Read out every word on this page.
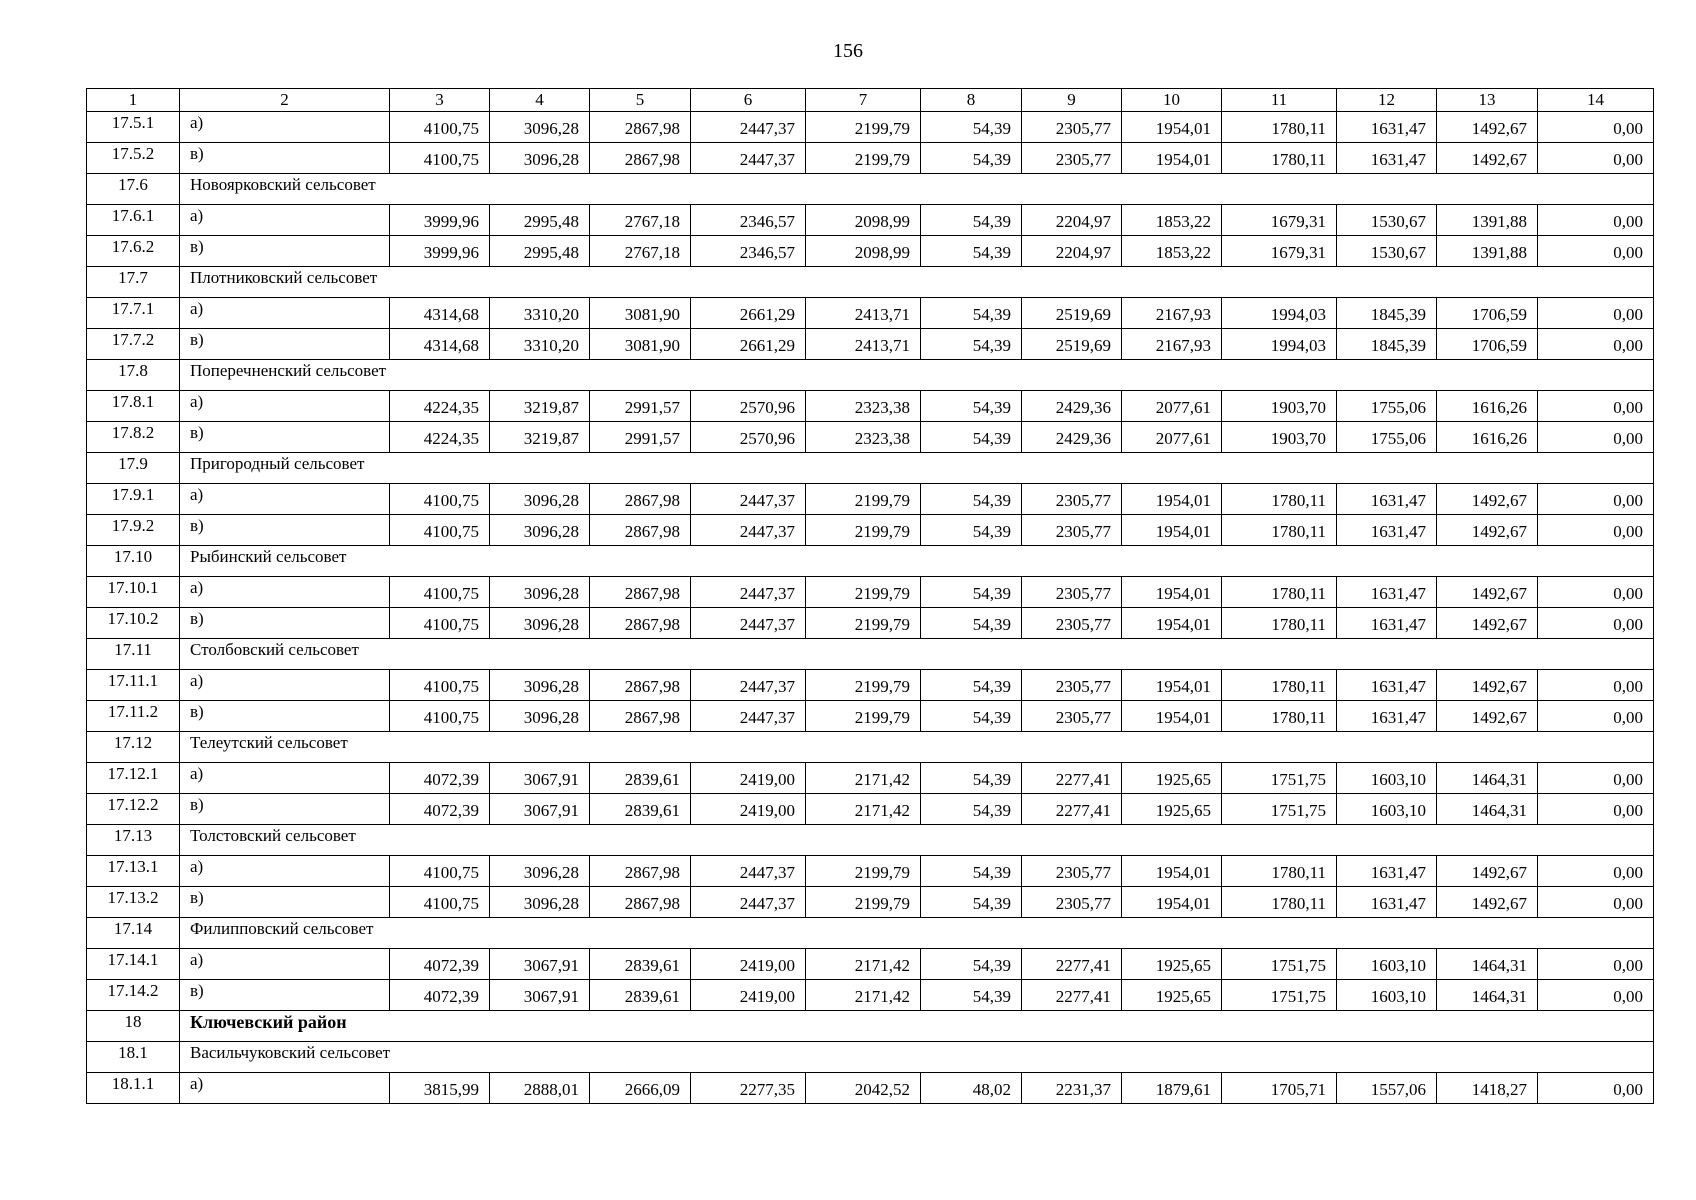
156
1	2	3	4	5	6	7	8	9	10	11	12	13	14
17.5.1	а)	4100,75	3096,28	2867,98	2447,37	2199,79	54,39	2305,77	1954,01	1780,11	1631,47	1492,67	0,00
17.5.2	в)	4100,75	3096,28	2867,98	2447,37	2199,79	54,39	2305,77	1954,01	1780,11	1631,47	1492,67	0,00
17.6	Новоярковский сельсовет												
17.6.1	а)	3999,96	2995,48	2767,18	2346,57	2098,99	54,39	2204,97	1853,22	1679,31	1530,67	1391,88	0,00
17.6.2	в)	3999,96	2995,48	2767,18	2346,57	2098,99	54,39	2204,97	1853,22	1679,31	1530,67	1391,88	0,00
17.7	Плотниковский сельсовет												
17.7.1	а)	4314,68	3310,20	3081,90	2661,29	2413,71	54,39	2519,69	2167,93	1994,03	1845,39	1706,59	0,00
17.7.2	в)	4314,68	3310,20	3081,90	2661,29	2413,71	54,39	2519,69	2167,93	1994,03	1845,39	1706,59	0,00
17.8	Поперечненский сельсовет												
17.8.1	а)	4224,35	3219,87	2991,57	2570,96	2323,38	54,39	2429,36	2077,61	1903,70	1755,06	1616,26	0,00
17.8.2	в)	4224,35	3219,87	2991,57	2570,96	2323,38	54,39	2429,36	2077,61	1903,70	1755,06	1616,26	0,00
17.9	Пригородный сельсовет												
17.9.1	а)	4100,75	3096,28	2867,98	2447,37	2199,79	54,39	2305,77	1954,01	1780,11	1631,47	1492,67	0,00
17.9.2	в)	4100,75	3096,28	2867,98	2447,37	2199,79	54,39	2305,77	1954,01	1780,11	1631,47	1492,67	0,00
17.10	Рыбинский сельсовет												
17.10.1	а)	4100,75	3096,28	2867,98	2447,37	2199,79	54,39	2305,77	1954,01	1780,11	1631,47	1492,67	0,00
17.10.2	в)	4100,75	3096,28	2867,98	2447,37	2199,79	54,39	2305,77	1954,01	1780,11	1631,47	1492,67	0,00
17.11	Столбовский сельсовет												
17.11.1	а)	4100,75	3096,28	2867,98	2447,37	2199,79	54,39	2305,77	1954,01	1780,11	1631,47	1492,67	0,00
17.11.2	в)	4100,75	3096,28	2867,98	2447,37	2199,79	54,39	2305,77	1954,01	1780,11	1631,47	1492,67	0,00
17.12	Телеутский сельсовет												
17.12.1	а)	4072,39	3067,91	2839,61	2419,00	2171,42	54,39	2277,41	1925,65	1751,75	1603,10	1464,31	0,00
17.12.2	в)	4072,39	3067,91	2839,61	2419,00	2171,42	54,39	2277,41	1925,65	1751,75	1603,10	1464,31	0,00
17.13	Толстовский сельсовет												
17.13.1	а)	4100,75	3096,28	2867,98	2447,37	2199,79	54,39	2305,77	1954,01	1780,11	1631,47	1492,67	0,00
17.13.2	в)	4100,75	3096,28	2867,98	2447,37	2199,79	54,39	2305,77	1954,01	1780,11	1631,47	1492,67	0,00
17.14	Филипповский сельсовет												
17.14.1	а)	4072,39	3067,91	2839,61	2419,00	2171,42	54,39	2277,41	1925,65	1751,75	1603,10	1464,31	0,00
17.14.2	в)	4072,39	3067,91	2839,61	2419,00	2171,42	54,39	2277,41	1925,65	1751,75	1603,10	1464,31	0,00
18	Ключевский район												
18.1	Васильчуковский сельсовет												
18.1.1	а)	3815,99	2888,01	2666,09	2277,35	2042,52	48,02	2231,37	1879,61	1705,71	1557,06	1418,27	0,00
